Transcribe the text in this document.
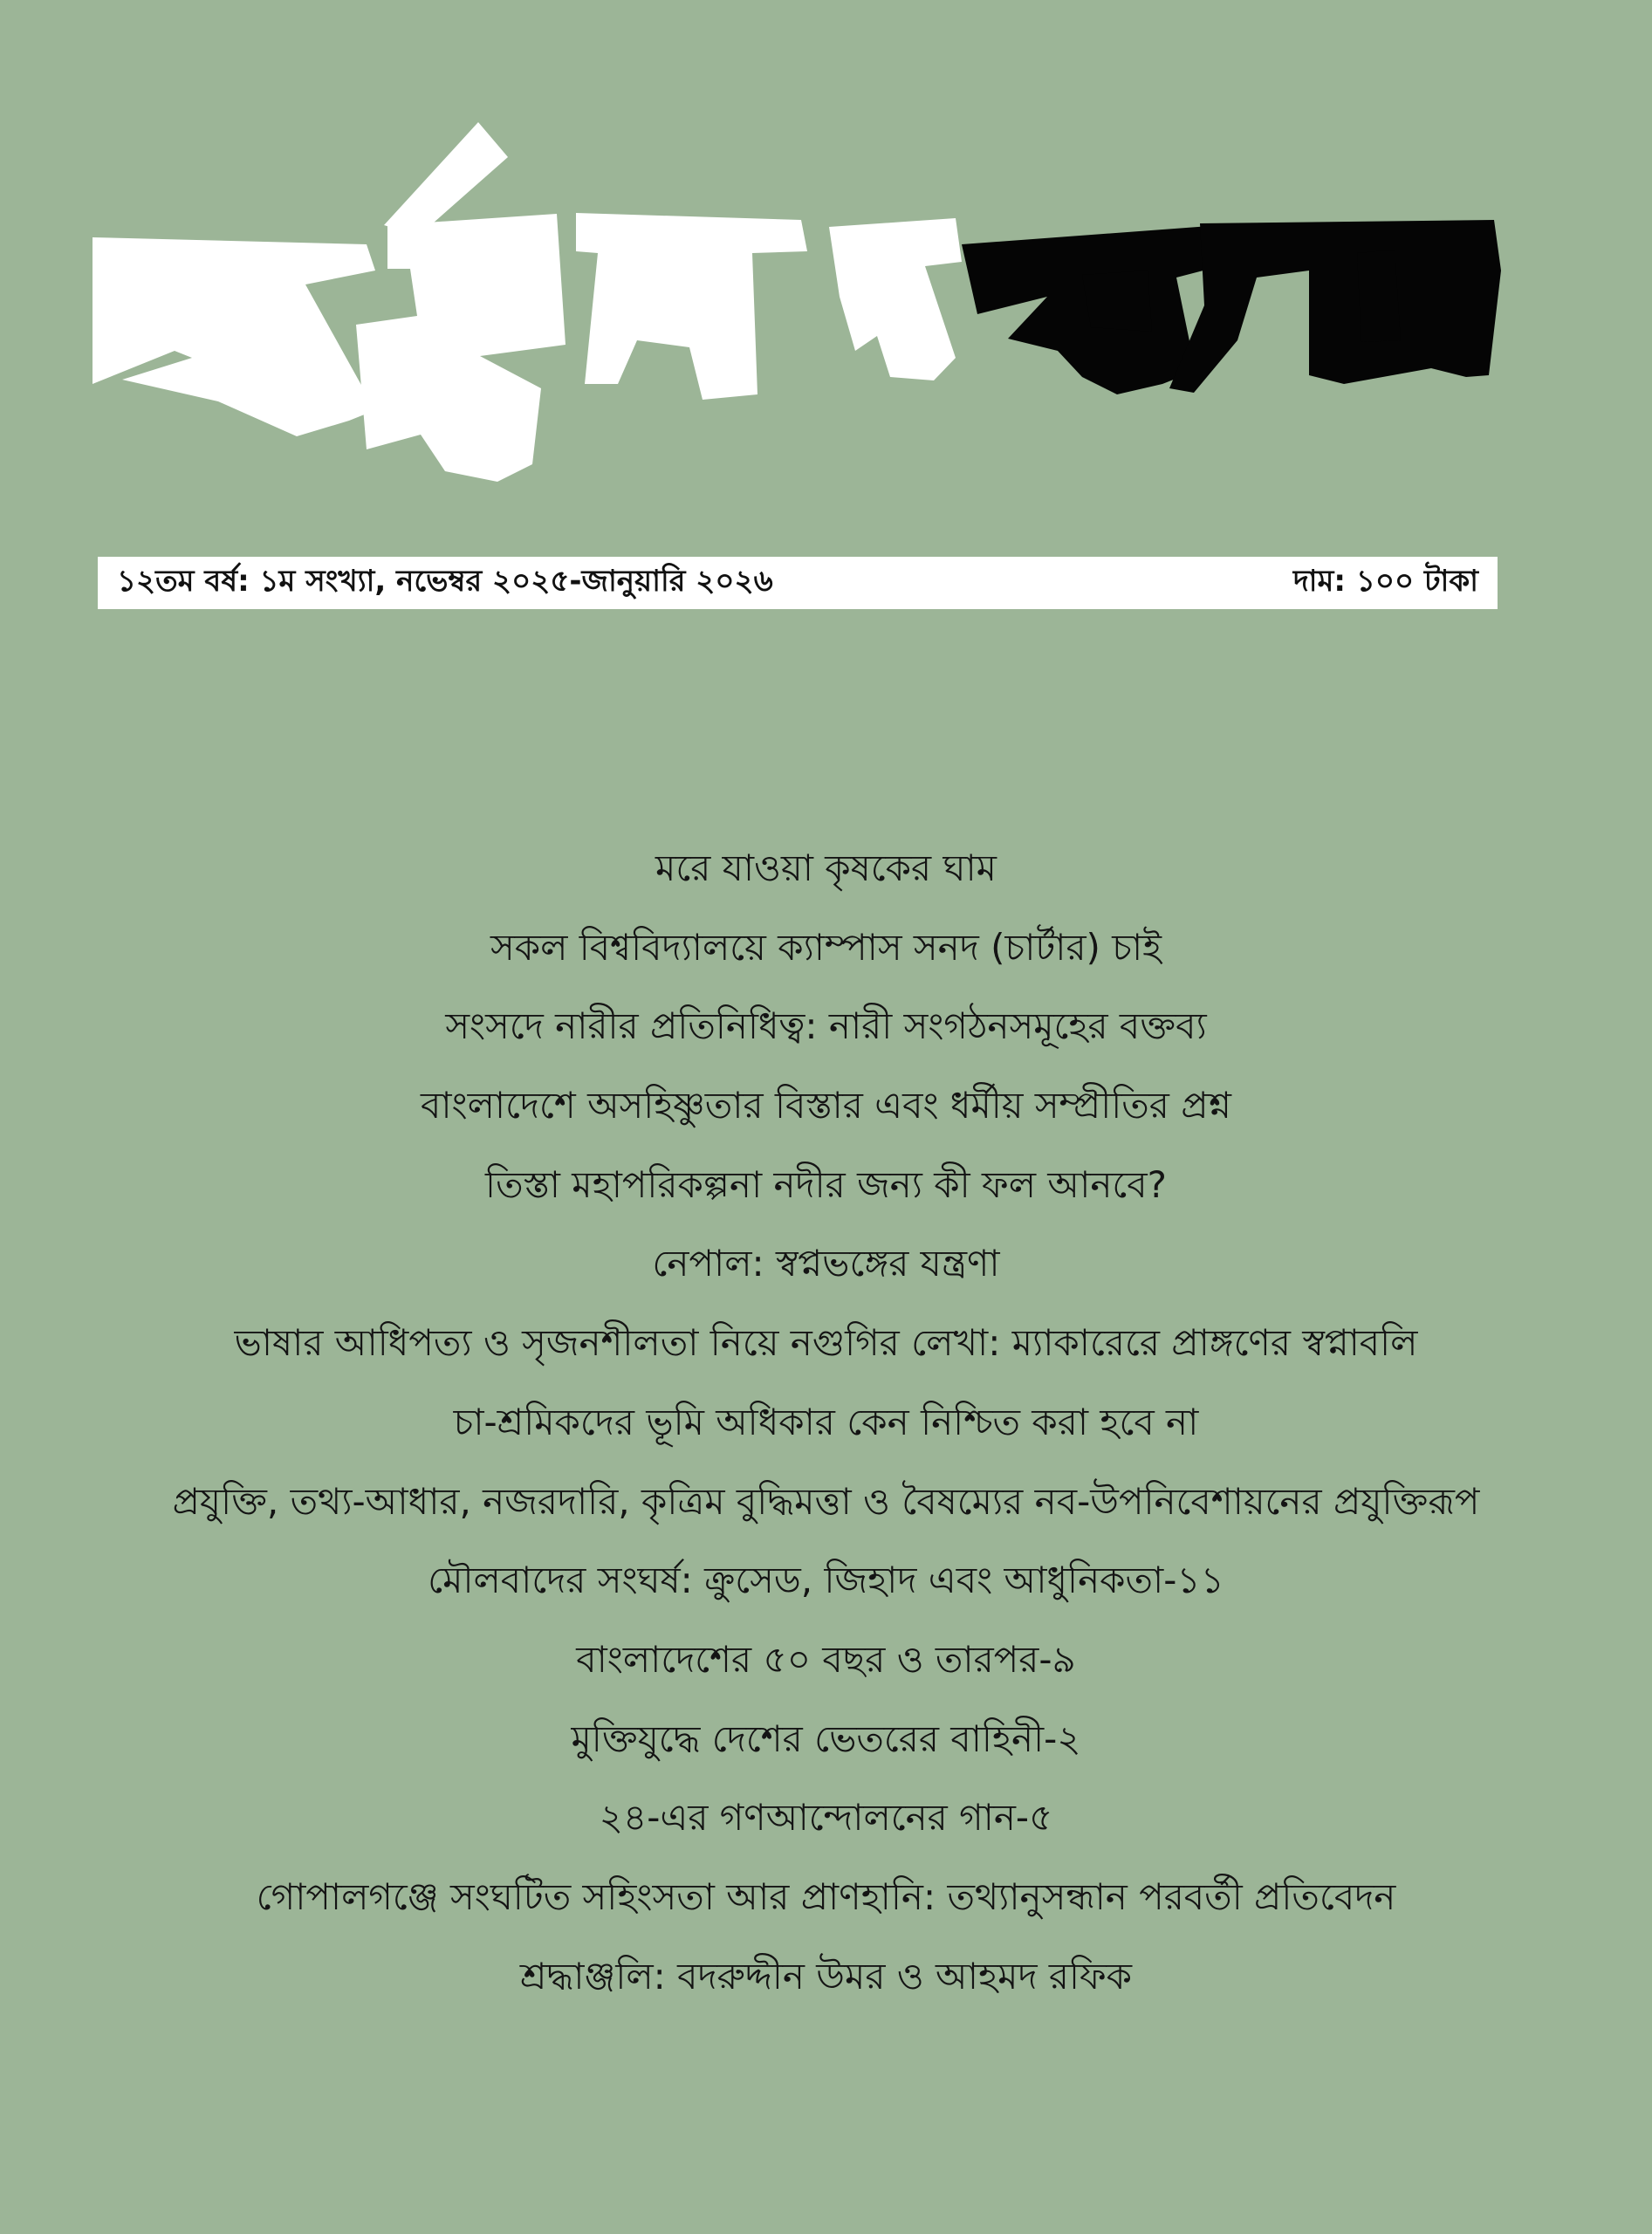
১২তম বর্ষ: ১ম সংখ্যা, নভেম্বর ২০২৫-জানুয়ারি ২০২৬	দাম: ১০০ টাকা
মরে যাওয়া কৃষকের ঘাম
সকল বিশ্ববিদ্যালয়ে ক্যাম্পাস সনদ (চার্টার) চাই
সংসদে নারীর প্রতিনিধিত্ব: নারী সংগঠনসমূহের বক্তব্য
বাংলাদেশে অসহিষ্ণুতার বিস্তার এবং ধর্মীয় সম্প্রীতির প্রশ্ন
তিস্তা মহাপরিকল্পনা নদীর জন্য কী ফল আনবে?
নেপাল: স্বপ্নভঙ্গের যন্ত্রণা
ভাষার আধিপত্য ও সৃজনশীলতা নিয়ে নগুগির লেখা: ম্যাকারেরে প্রাঙ্গণের স্বপ্নাবলি
চা-শ্রমিকদের ভূমি অধিকার কেন নিশ্চিত করা হবে না
প্রযুক্তি, তথ্য-আধার, নজরদারি, কৃত্রিম বুদ্ধিমত্তা ও বৈষম্যের নব-উপনিবেশায়নের প্রযুক্তিরূপ
মৌলবাদের সংঘর্ষ: ক্রুসেড, জিহাদ এবং আধুনিকতা-১১
বাংলাদেশের ৫০ বছর ও তারপর-৯
মুক্তিযুদ্ধে দেশের ভেতরের বাহিনী-২
২৪-এর গণআন্দোলনের গান-৫
গোপালগঞ্জে সংঘটিত সহিংসতা আর প্রাণহানি: তথ্যানুসন্ধান পরবর্তী প্রতিবেদন
শ্রদ্ধাঞ্জলি: বদরুদ্দীন উমর ও আহমদ রফিক
